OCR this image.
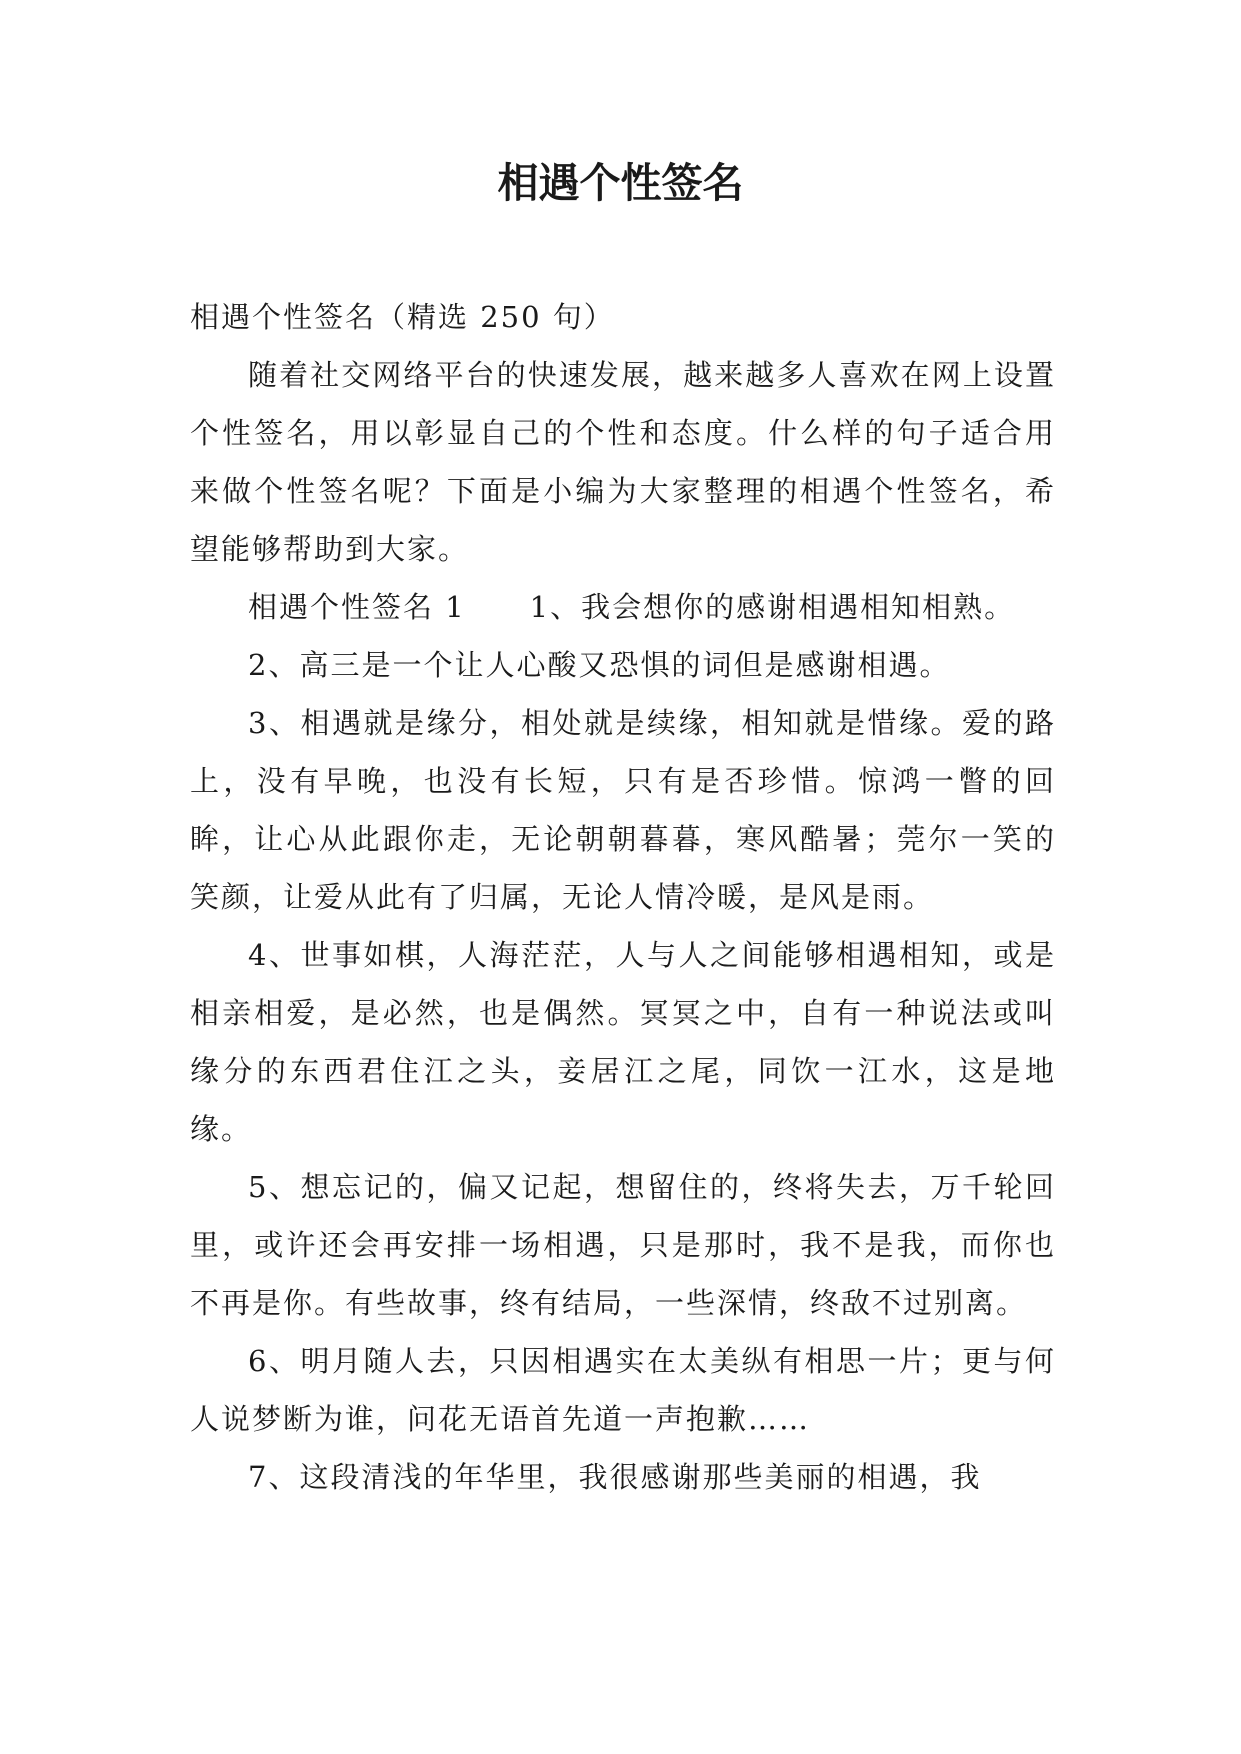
相遇个性签名

相遇个性签名（精选 250 句）

随着社交网络平台的快速发展，越来越多人喜欢在网上设置个性签名，用以彰显自己的个性和态度。什么样的句子适合用来做个性签名呢？下面是小编为大家整理的相遇个性签名，希望能够帮助到大家。

相遇个性签名 1 1、我会想你的感谢相遇相知相熟。

2、高三是一个让人心酸又恐惧的词但是感谢相遇。

3、相遇就是缘分，相处就是续缘，相知就是惜缘。爱的路上，没有早晚，也没有长短，只有是否珍惜。惊鸿一瞥的回眸，让心从此跟你走，无论朝朝暮暮，寒风酷暑；莞尔一笑的笑颜，让爱从此有了归属，无论人情冷暖，是风是雨。

4、世事如棋，人海茫茫，人与人之间能够相遇相知，或是相亲相爱，是必然，也是偶然。冥冥之中，自有一种说法或叫缘分的东西君住江之头，妾居江之尾，同饮一江水，这是地缘。

5、想忘记的，偏又记起，想留住的，终将失去，万千轮回里，或许还会再安排一场相遇，只是那时，我不是我，而你也不再是你。有些故事，终有结局，一些深情，终敌不过别离。

6、明月随人去，只因相遇实在太美纵有相思一片；更与何人说梦断为谁，问花无语首先道一声抱歉……

7、这段清浅的年华里，我很感谢那些美丽的相遇，我
